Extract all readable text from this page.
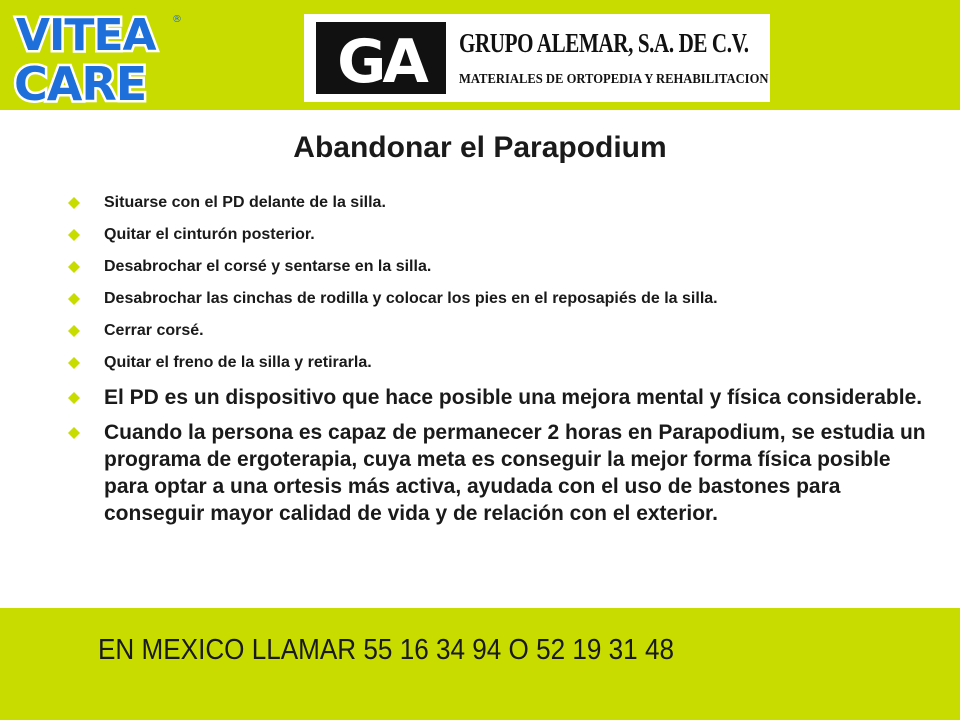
VITEA
CARE
®
GA GRUPO ALEMAR, S.A. DE C.V.
MATERIALES DE ORTOPEDIA Y REHABILITACION
Abandonar el Parapodium
Situarse con el PD delante de la silla.
Quitar el cinturón posterior.
Desabrochar el corsé y sentarse en la silla.
Desabrochar las cinchas de rodilla y colocar los pies en el reposapiés de la silla.
Cerrar corsé.
Quitar el freno de la silla y retirarla.
El PD es un dispositivo que hace posible una mejora mental y física considerable.
Cuando la persona es capaz de permanecer 2 horas en Parapodium, se estudia un programa de ergoterapia, cuya meta es conseguir la mejor forma física posible para optar a una ortesis más activa, ayudada con el uso de bastones para conseguir mayor calidad de vida y de relación con el exterior.
EN MEXICO LLAMAR 55 16 34 94 O 52 19 31 48
